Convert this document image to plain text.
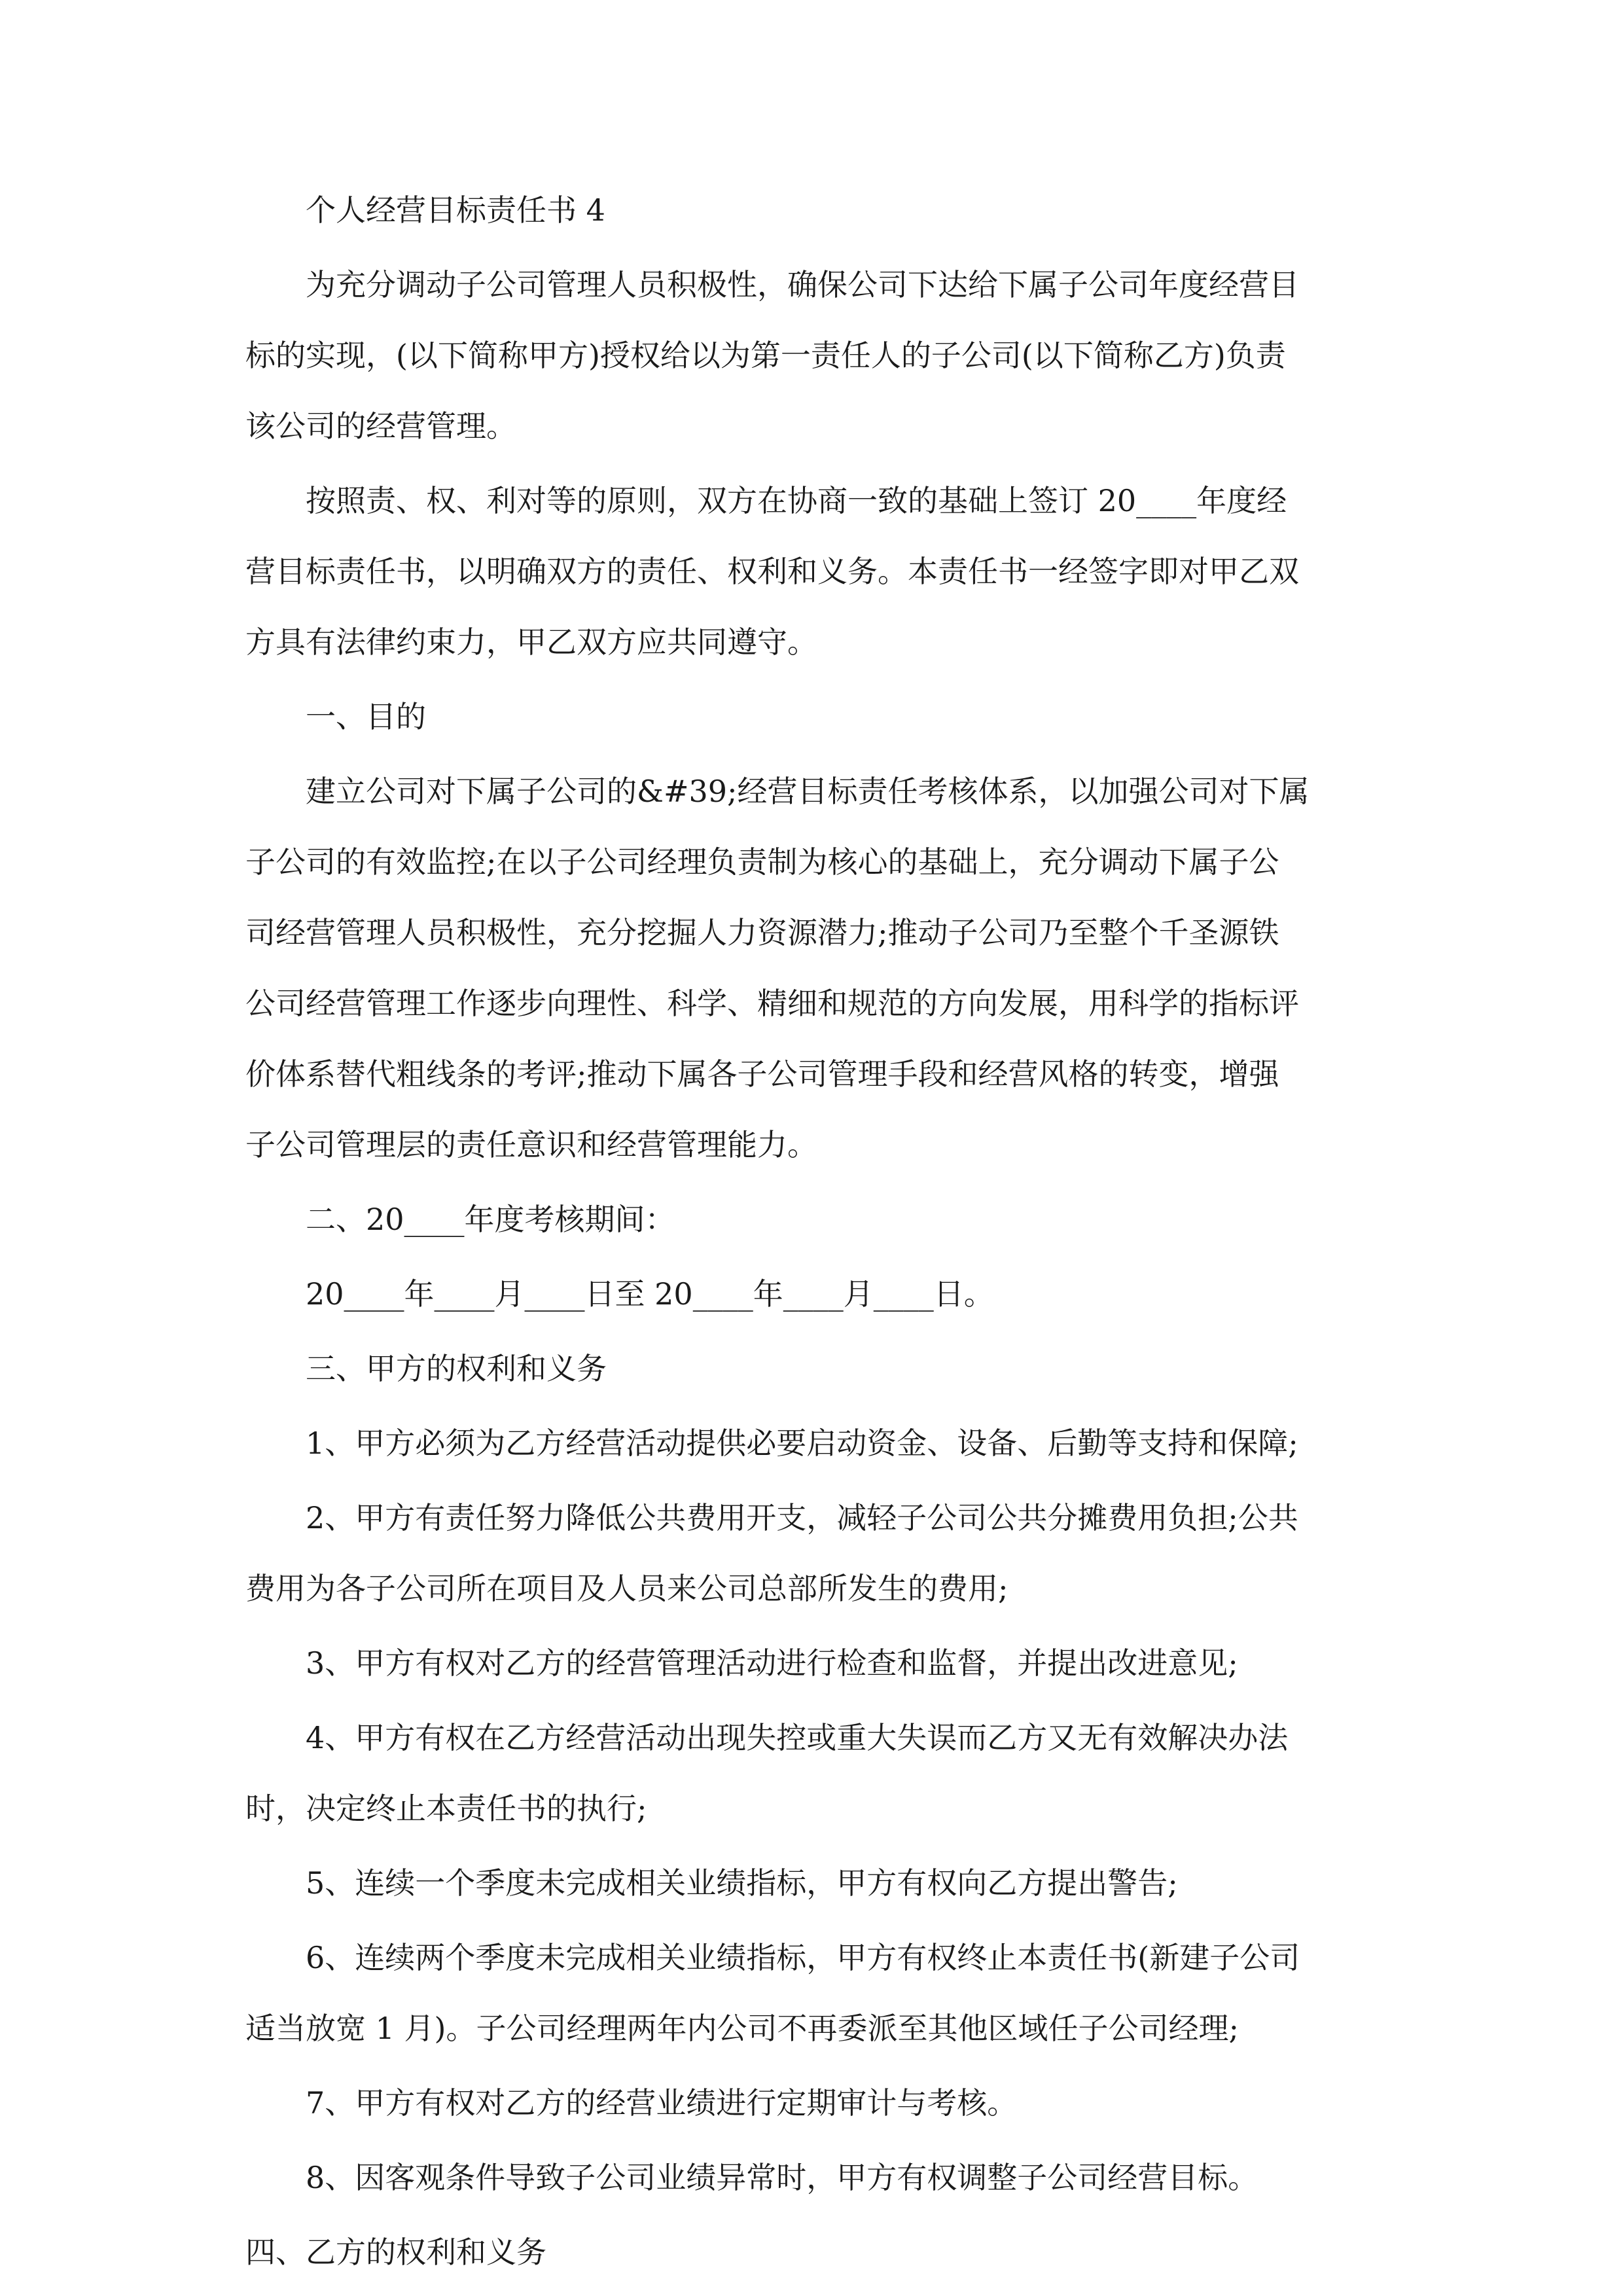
个人经营目标责任书 4

为充分调动子公司管理人员积极性，确保公司下达给下属子公司年度经营目

标的实现，(以下简称甲方)授权给以为第一责任人的子公司(以下简称乙方)负责

该公司的经营管理。

按照责、权、利对等的原则，双方在协商一致的基础上签订 20____年度经

营目标责任书，以明确双方的责任、权利和义务。本责任书一经签字即对甲乙双

方具有法律约束力，甲乙双方应共同遵守。

一、目的

建立公司对下属子公司的&#39;经营目标责任考核体系，以加强公司对下属

子公司的有效监控;在以子公司经理负责制为核心的基础上，充分调动下属子公

司经营管理人员积极性，充分挖掘人力资源潜力;推动子公司乃至整个千圣源铁

公司经营管理工作逐步向理性、科学、精细和规范的方向发展，用科学的指标评

价体系替代粗线条的考评;推动下属各子公司管理手段和经营风格的转变，增强

子公司管理层的责任意识和经营管理能力。

二、20____年度考核期间：

20____年____月____日至 20____年____月____日。

三、甲方的权利和义务

1、甲方必须为乙方经营活动提供必要启动资金、设备、后勤等支持和保障;

2、甲方有责任努力降低公共费用开支，减轻子公司公共分摊费用负担;公共

费用为各子公司所在项目及人员来公司总部所发生的费用;

3、甲方有权对乙方的经营管理活动进行检查和监督，并提出改进意见;

4、甲方有权在乙方经营活动出现失控或重大失误而乙方又无有效解决办法

时，决定终止本责任书的执行;

5、连续一个季度未完成相关业绩指标，甲方有权向乙方提出警告;

6、连续两个季度未完成相关业绩指标，甲方有权终止本责任书(新建子公司

适当放宽 1 月)。子公司经理两年内公司不再委派至其他区域任子公司经理;

7、甲方有权对乙方的经营业绩进行定期审计与考核。

8、因客观条件导致子公司业绩异常时，甲方有权调整子公司经营目标。

四、乙方的权利和义务
